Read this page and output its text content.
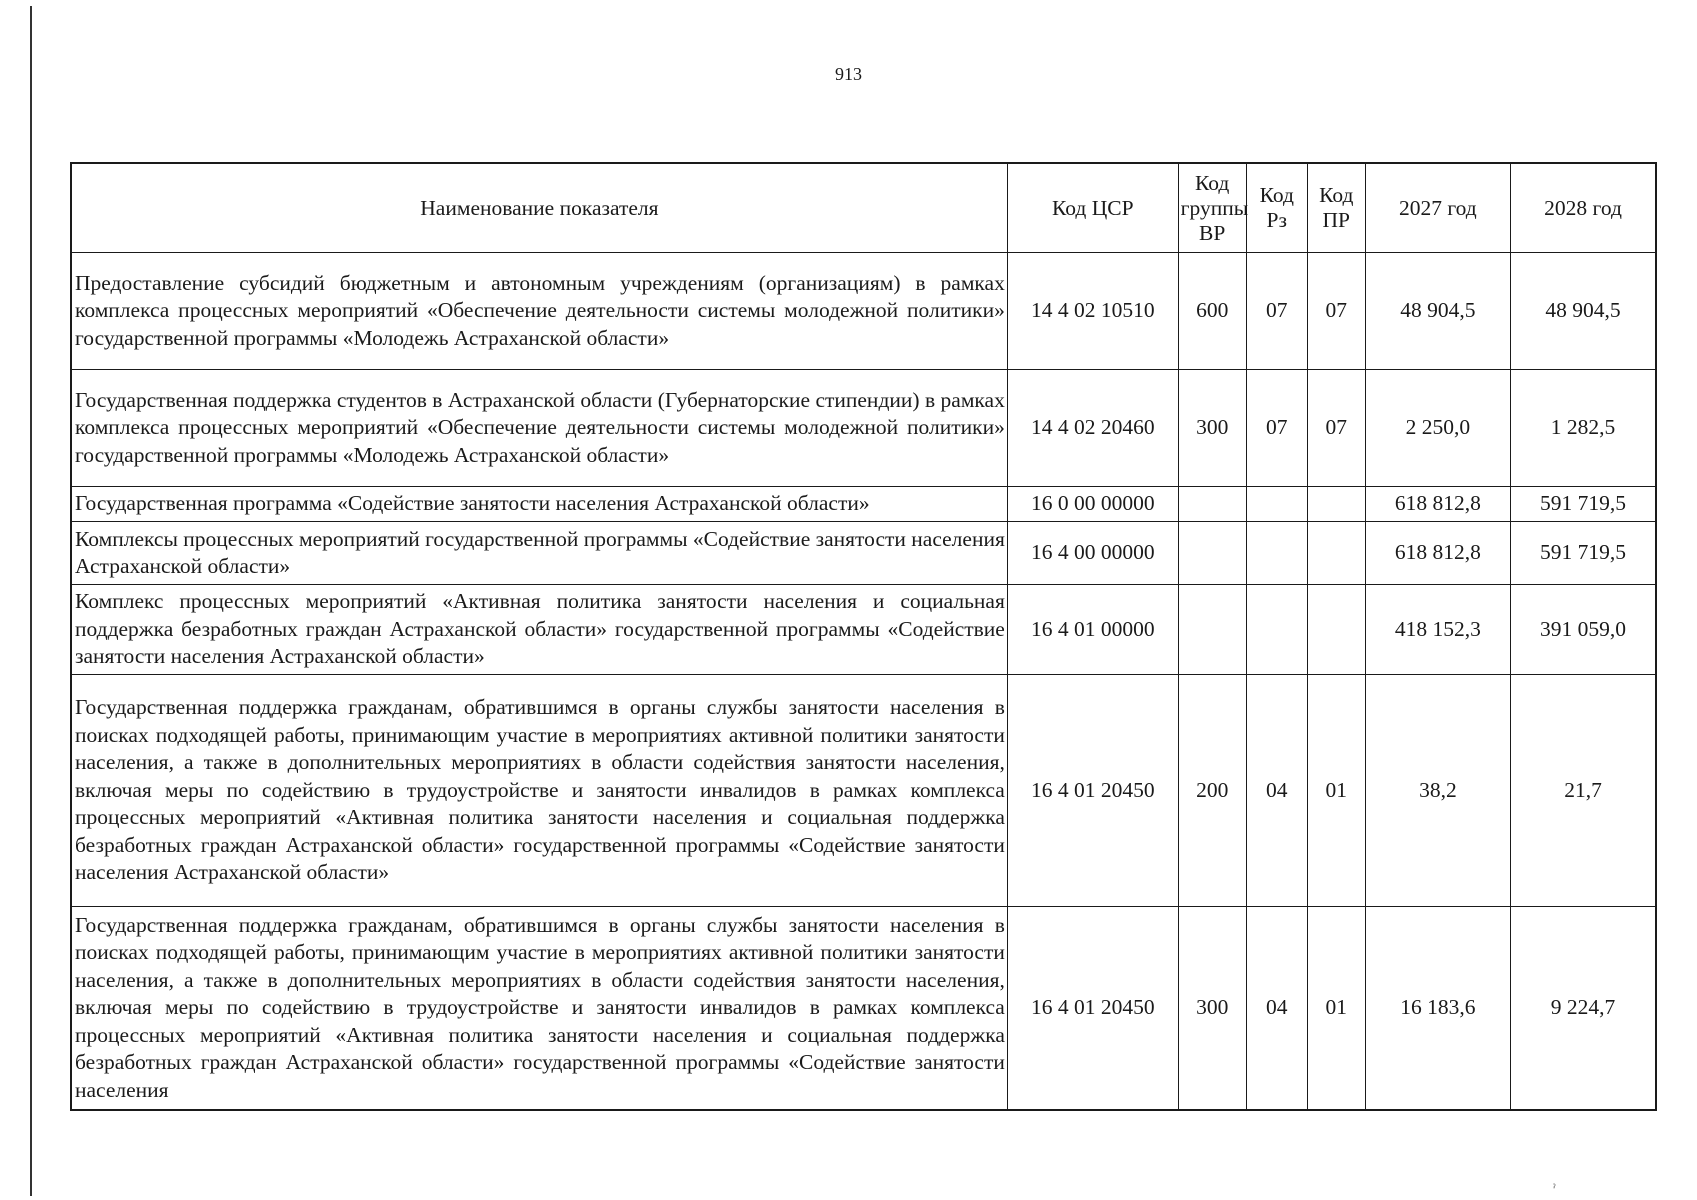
913
Наименование показателя	Код ЦСР	Код группы ВР	Код Рз	Код ПР	2027 год	2028 год
Предоставление субсидий бюджетным и автономным учреждениям (организациям) в рамках комплекса процессных мероприятий «Обеспечение деятельности системы молодежной политики» государственной программы «Молодежь Астраханской области»	14 4 02 10510	600	07	07	48 904,5	48 904,5
Государственная поддержка студентов в Астраханской области (Губернаторские стипендии) в рамках комплекса процессных мероприятий «Обеспечение деятельности системы молодежной политики» государственной программы «Молодежь Астраханской области»	14 4 02 20460	300	07	07	2 250,0	1 282,5
Государственная программа «Содействие занятости населения Астраханской области»	16 0 00 00000				618 812,8	591 719,5
Комплексы процессных мероприятий государственной программы «Содействие занятости населения Астраханской области»	16 4 00 00000				618 812,8	591 719,5
Комплекс процессных мероприятий «Активная политика занятости населения и социальная поддержка безработных граждан Астраханской области» государственной программы «Содействие занятости населения Астраханской области»	16 4 01 00000				418 152,3	391 059,0
Государственная поддержка гражданам, обратившимся в органы службы занятости населения в поисках подходящей работы, принимающим участие в мероприятиях активной политики занятости населения, а также в дополнительных мероприятиях в области содействия занятости населения, включая меры по содействию в трудоустройстве и занятости инвалидов в рамках комплекса процессных мероприятий «Активная политика занятости населения и социальная поддержка безработных граждан Астраханской области» государственной программы «Содействие занятости населения Астраханской области»	16 4 01 20450	200	04	01	38,2	21,7
Государственная поддержка гражданам, обратившимся в органы службы занятости населения в поисках подходящей работы, принимающим участие в мероприятиях активной политики занятости населения, а также в дополнительных мероприятиях в области содействия занятости населения, включая меры по содействию в трудоустройстве и занятости инвалидов в рамках комплекса процессных мероприятий «Активная политика занятости населения и социальная поддержка безработных граждан Астраханской области» государственной программы «Содействие занятости населения	16 4 01 20450	300	04	01	16 183,6	9 224,7
ˀ
